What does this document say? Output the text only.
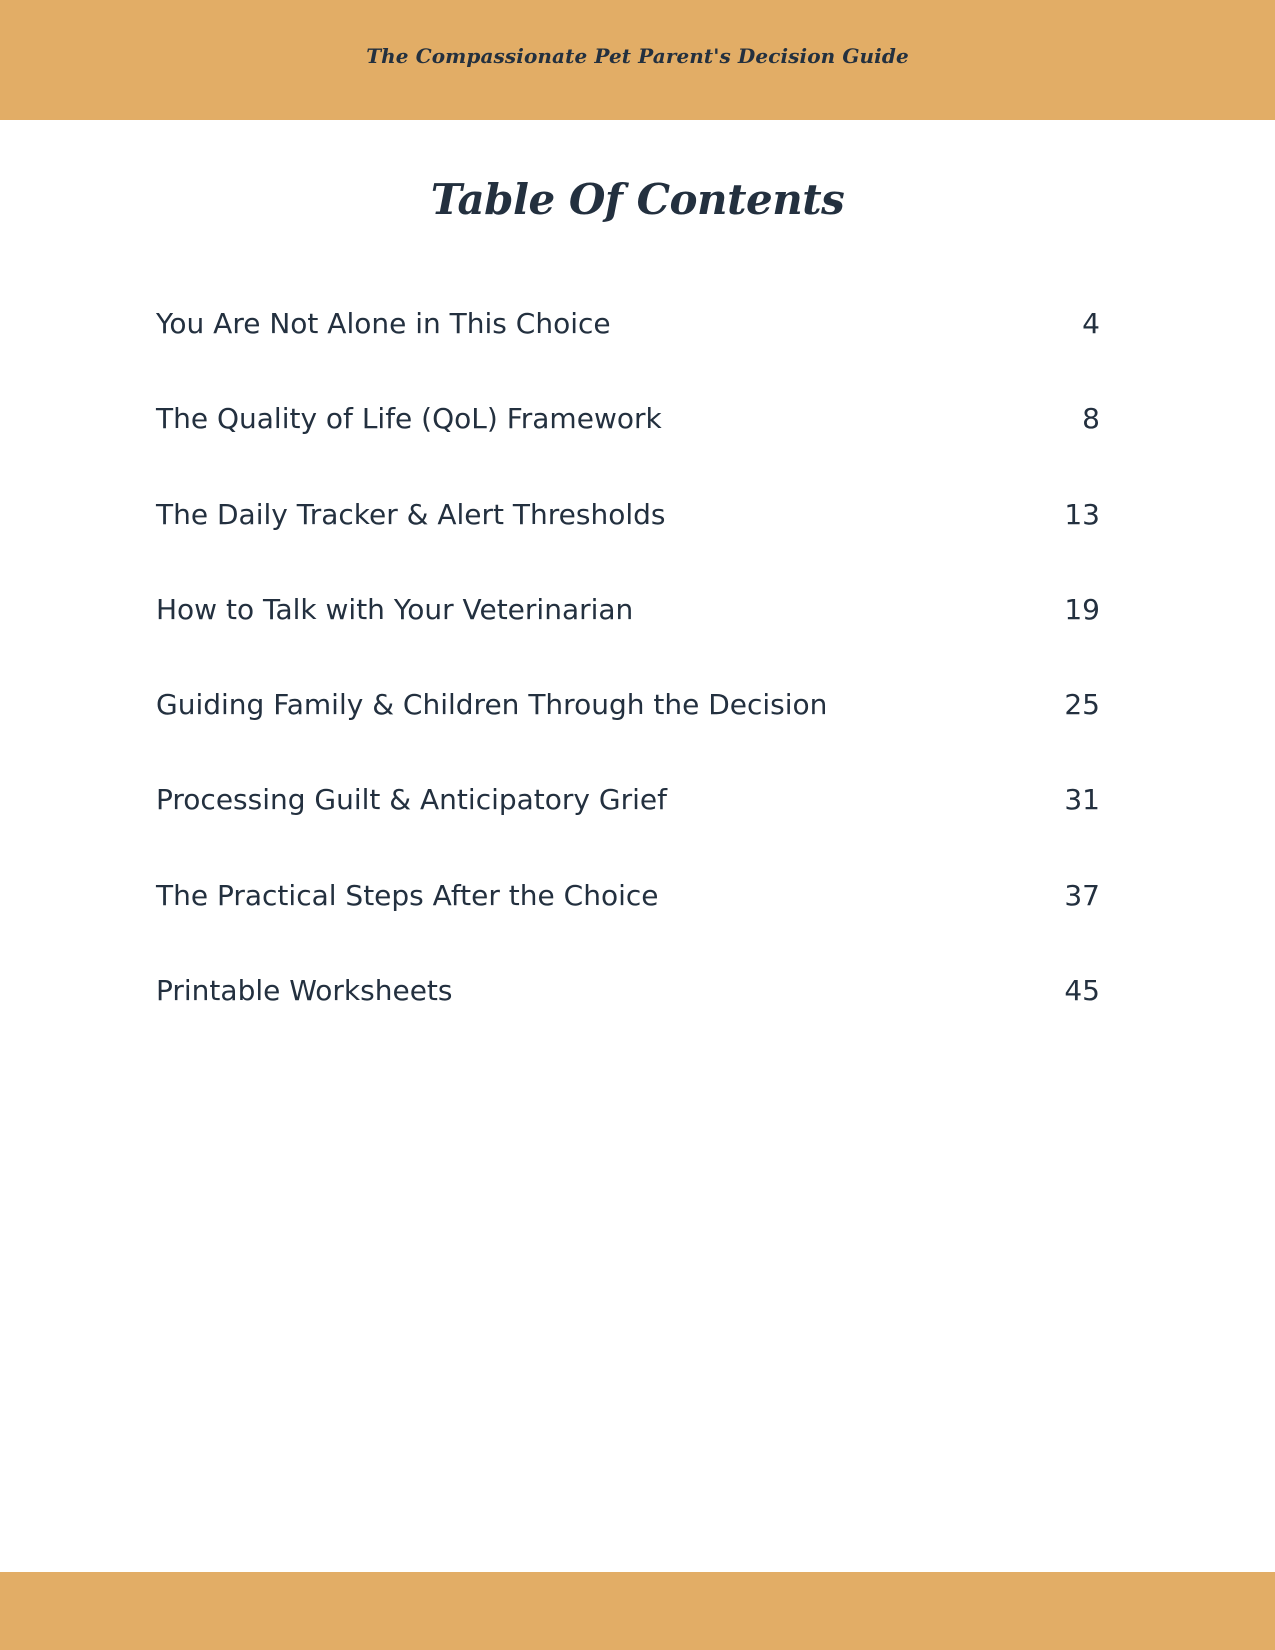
The Compassionate Pet Parent's Decision Guide
Table Of Contents
You Are Not Alone in This Choice	4
The Quality of Life (QoL) Framework	8
The Daily Tracker & Alert Thresholds	13
How to Talk with Your Veterinarian	19
Guiding Family & Children Through the Decision	25
Processing Guilt & Anticipatory Grief	31
The Practical Steps After the Choice	37
Printable Worksheets	45
